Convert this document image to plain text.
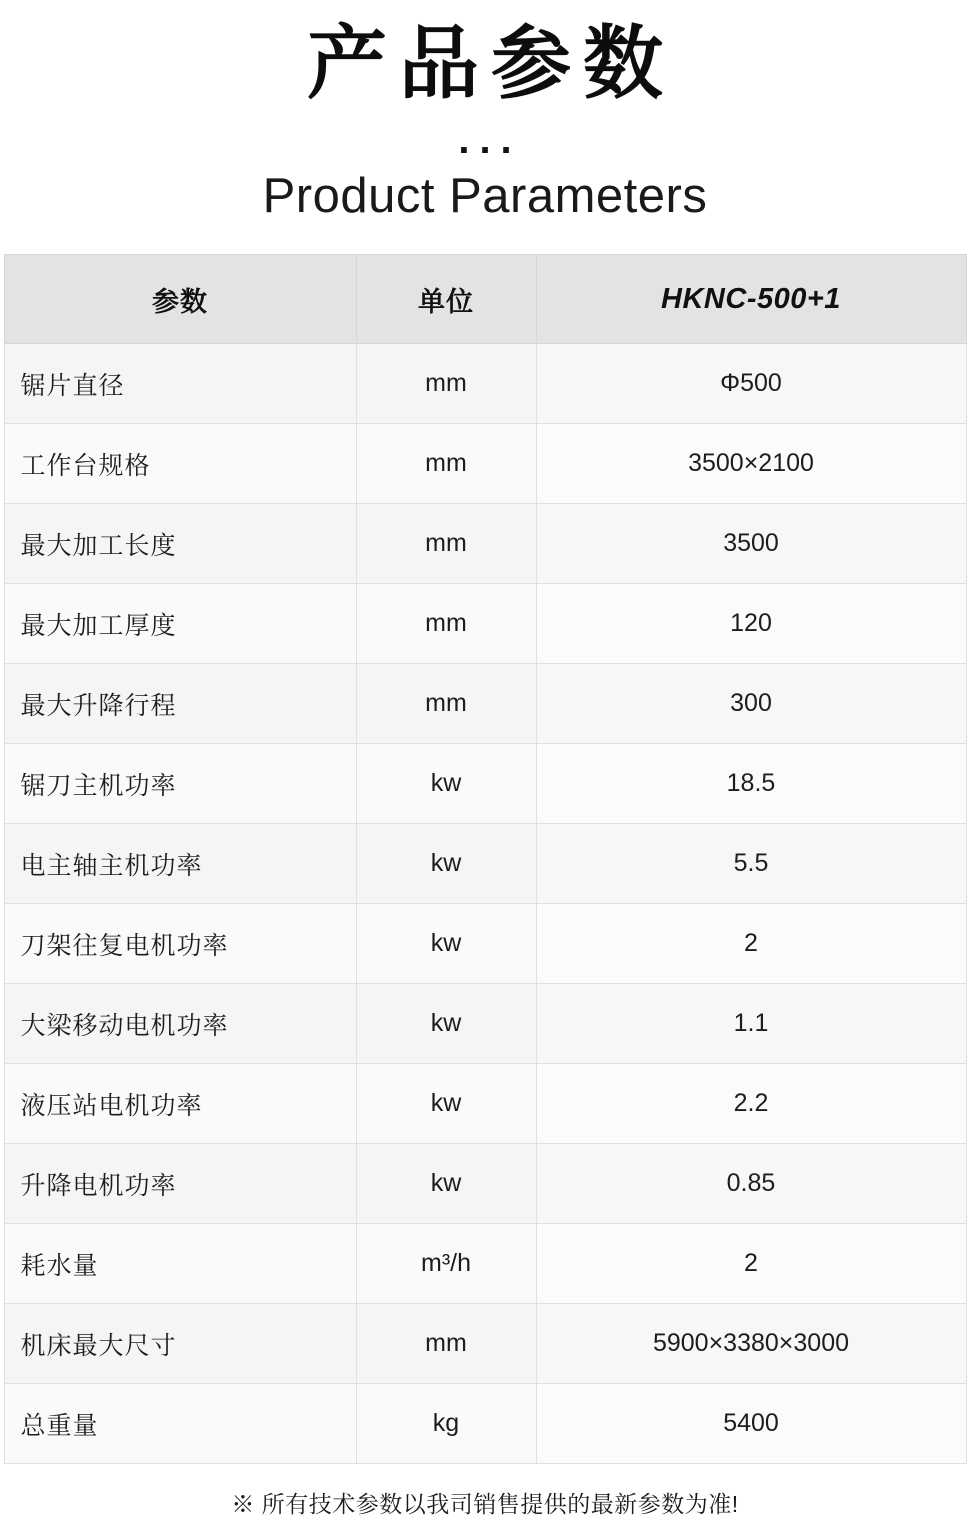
产品参数
...
Product Parameters
参数	单位	HKNC-500+1
锯片直径	mm	Φ500
工作台规格	mm	3500×2100
最大加工长度	mm	3500
最大加工厚度	mm	120
最大升降行程	mm	300
锯刀主机功率	kw	18.5
电主轴主机功率	kw	5.5
刀架往复电机功率	kw	2
大梁移动电机功率	kw	1.1
液压站电机功率	kw	2.2
升降电机功率	kw	0.85
耗水量	m³/h	2
机床最大尺寸	mm	5900×3380×3000
总重量	kg	5400
※ 所有技术参数以我司销售提供的最新参数为准!
